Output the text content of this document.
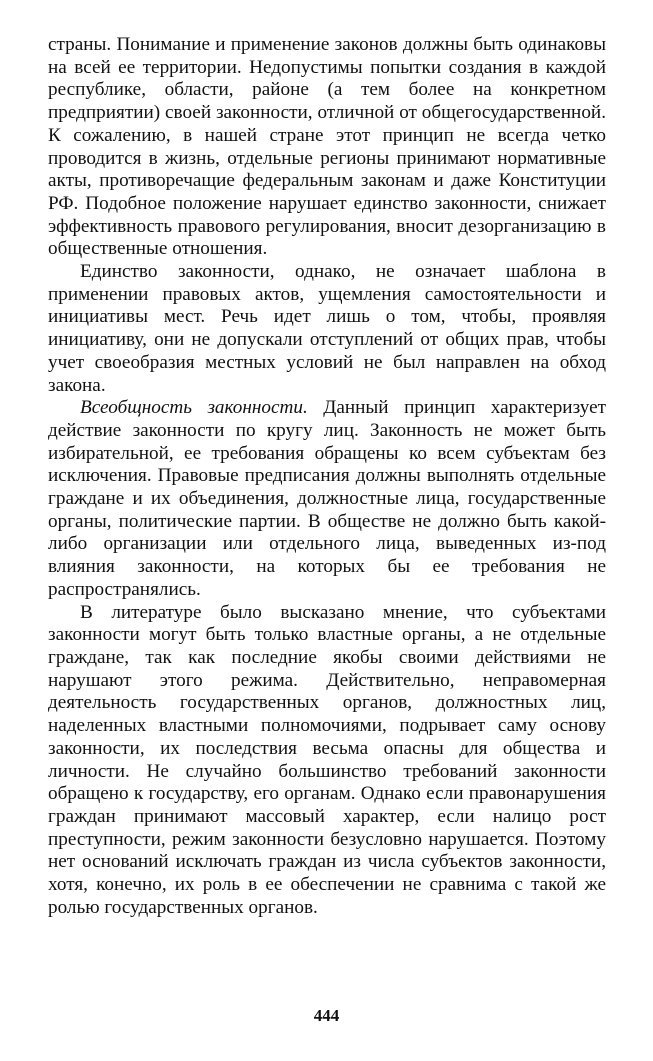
страны. Понимание и применение законов должны быть одинаковы на всей ее территории. Недопустимы попытки создания в каждой республике, области, районе (а тем более на конкретном предприятии) своей законности, отличной от общегосударственной. К сожалению, в нашей стране этот принцип не всегда четко проводится в жизнь, отдельные регионы принимают нормативные акты, противоречащие федеральным законам и даже Конституции РФ. Подобное положение нарушает единство законности, снижает эффективность правового регулирования, вносит дезорганизацию в общественные отношения.

Единство законности, однако, не означает шаблона в применении правовых актов, ущемления самостоятельности и инициативы мест. Речь идет лишь о том, чтобы, проявляя инициативу, они не допускали отступлений от общих прав, чтобы учет своеобразия местных условий не был направлен на обход закона.

Всеобщность законности. Данный принцип характеризует действие законности по кругу лиц. Законность не может быть избирательной, ее требования обращены ко всем субъектам без исключения. Правовые предписания должны выполнять отдельные граждане и их объединения, должностные лица, государственные органы, политические партии. В обществе не должно быть какой-либо организации или отдельного лица, выведенных из-под влияния законности, на которых бы ее требования не распространялись.

В литературе было высказано мнение, что субъектами законности могут быть только властные органы, а не отдельные граждане, так как последние якобы своими действиями не нарушают этого режима. Действительно, неправомерная деятельность государственных органов, должностных лиц, наделенных властными полномочиями, подрывает саму основу законности, их последствия весьма опасны для общества и личности. Не случайно большинство требований законности обращено к государству, его органам. Однако если правонарушения граждан принимают массовый характер, если налицо рост преступности, режим законности безусловно нарушается. Поэтому нет оснований исключать граждан из числа субъектов законности, хотя, конечно, их роль в ее обеспечении не сравнима с такой же ролью государственных органов.

444
